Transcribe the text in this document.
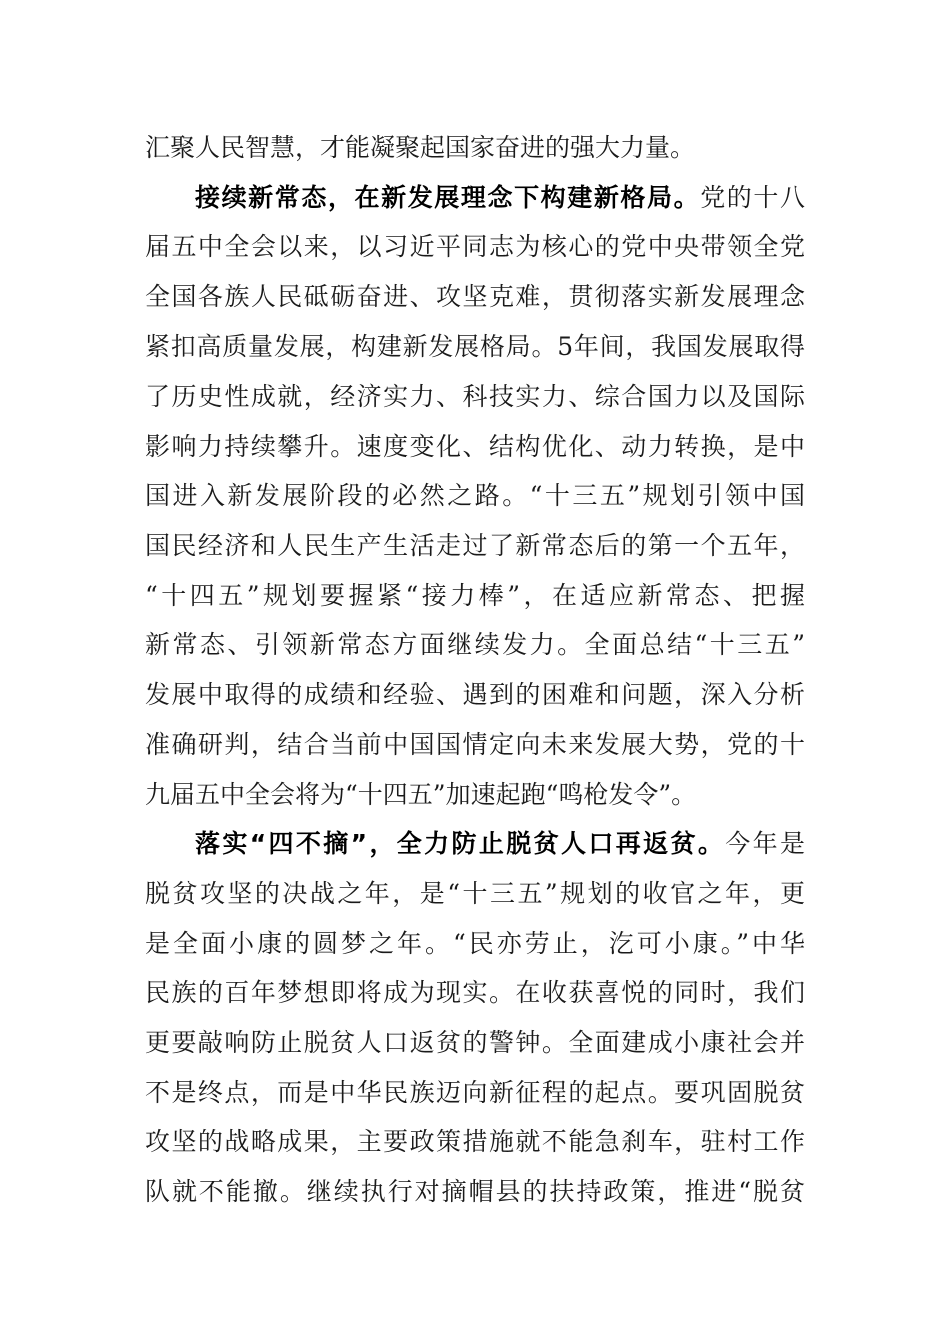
汇聚人民智慧，才能凝聚起国家奋进的强大力量。
接续新常态，在新发展理念下构建新格局。党的十八
届五中全会以来，以习近平同志为核心的党中央带领全党
全国各族人民砥砺奋进、攻坚克难，贯彻落实新发展理念
紧扣高质量发展，构建新发展格局。5年间，我国发展取得
了历史性成就，经济实力、科技实力、综合国力以及国际
影响力持续攀升。速度变化、结构优化、动力转换，是中
国进入新发展阶段的必然之路。“十三五”规划引领中国
国民经济和人民生产生活走过了新常态后的第一个五年，
“十四五”规划要握紧“接力棒”，在适应新常态、把握
新常态、引领新常态方面继续发力。全面总结“十三五”
发展中取得的成绩和经验、遇到的困难和问题，深入分析
准确研判，结合当前中国国情定向未来发展大势，党的十
九届五中全会将为“十四五”加速起跑“鸣枪发令”。
落实“四不摘”，全力防止脱贫人口再返贫。今年是
脱贫攻坚的决战之年，是“十三五”规划的收官之年，更
是全面小康的圆梦之年。“民亦劳止，汔可小康。”中华
民族的百年梦想即将成为现实。在收获喜悦的同时，我们
更要敲响防止脱贫人口返贫的警钟。全面建成小康社会并
不是终点，而是中华民族迈向新征程的起点。要巩固脱贫
攻坚的战略成果，主要政策措施就不能急刹车，驻村工作
队就不能撤。继续执行对摘帽县的扶持政策，推进“脱贫
